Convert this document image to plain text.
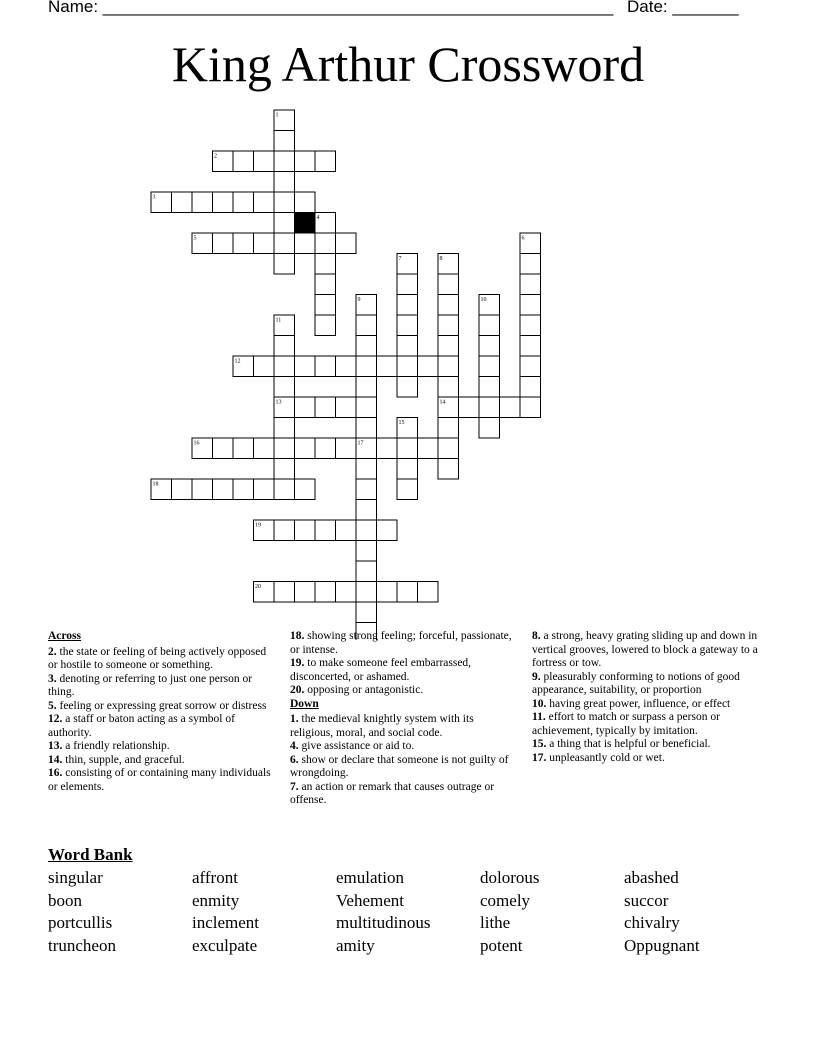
Name: ______________________________________________________ Date: _______
King Arthur Crossword
1
2
3
4
5	6
7	8
9	10
11
12
13	14
15
16	17
18
19
20
Across
2. the state or feeling of being actively opposed or hostile to someone or something.
3. denoting or referring to just one person or thing.
5. feeling or expressing great sorrow or distress
12. a staff or baton acting as a symbol of authority.
13. a friendly relationship.
14. thin, supple, and graceful.
16. consisting of or containing many individuals or elements.
18. showing strong feeling; forceful, passionate, or intense.
19. to make someone feel embarrassed, disconcerted, or ashamed.
20. opposing or antagonistic.
Down
1. the medieval knightly system with its religious, moral, and social code.
4. give assistance or aid to.
6. show or declare that someone is not guilty of wrongdoing.
7. an action or remark that causes outrage or offense.
8. a strong, heavy grating sliding up and down in vertical grooves, lowered to block a gateway to a fortress or tow.
9. pleasurably conforming to notions of good appearance, suitability, or proportion
10. having great power, influence, or effect
11. effort to match or surpass a person or achievement, typically by imitation.
15. a thing that is helpful or beneficial.
17. unpleasantly cold or wet.
Word Bank
singular
boon
portcullis
truncheon
affront
enmity
inclement
exculpate
emulation
Vehement
multitudinous
amity
dolorous
comely
lithe
potent
abashed
succor
chivalry
Oppugnant
